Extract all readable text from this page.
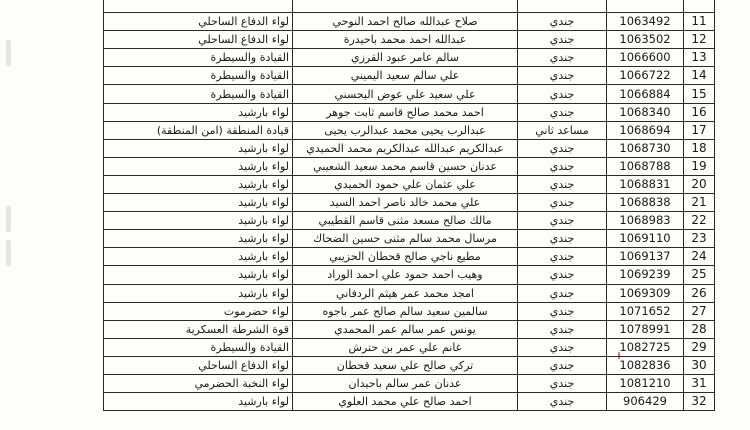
11	1063492	جندي	صلاح عبدالله صالح احمد النوحي	لواء الدفاع الساحلي
12	1063502	جندي	عبدالله احمد محمد باحيدرة	لواء الدفاع الساحلي
13	1066600	جندي	سالم عامر عبود القرزي	القيادة والسيطرة
14	1066722	جندي	علي سالم سعيد اليميني	القيادة والسيطرة
15	1066884	جندي	علي سعيد علي عوض اليحسني	القيادة والسيطرة
16	1068340	جندي	احمد محمد صالح قاسم ثابت جوهر	لواء بارشيد
17	1068694	مساعد ثاني	عبدالرب يحيى محمد عبدالرب يحيى	قيادة المنطقة (امن المنطقة)
18	1068730	جندي	عبدالكريم عبدالله عبدالكريم محمد الحميدي	لواء بارشيد
19	1068788	جندي	عدنان حسين قاسم محمد سعيد الشعيبي	لواء بارشيد
20	1068831	جندي	علي عثمان علي حمود الحميدي	لواء بارشيد
21	1068838	جندي	علي محمد خالد ناصر احمد السيد	لواء بارشيد
22	1068983	جندي	مالك صالح مسعد مثنى قاسم القطيبي	لواء بارشيد
23	1069110	جندي	مرسال محمد سالم مثنى حسين الضحاك	لواء بارشيد
24	1069137	جندي	مطيع ناجي صالح قحطان الحزيبي	لواء بارشيد
25	1069239	جندي	وهيب احمد حمود علي احمد الوراد	لواء بارشيد
26	1069309	جندي	امجد محمد عمر هيثم الردفاني	لواء بارشيد
27	1071652	جندي	سالمين سعيد سالم صالح عمر باجوه	لواء حضرموت
28	1078991	جندي	يونس عمر سالم عمر المحمدي	قوة الشرطة العسكرية
29	1082725	جندي	غانم علي عمر بن حترش	القيادة والسيطرة
30	1082836	جندي	تركي صالح علي سعيد قحطان	لواء الدفاع الساحلي
31	1081210	جندي	عدنان عمر سالم باحيدان	لواء النخبة الحضرمي
32	906429	جندي	احمد صالح علي محمد العلوي	لواء بارشيد
